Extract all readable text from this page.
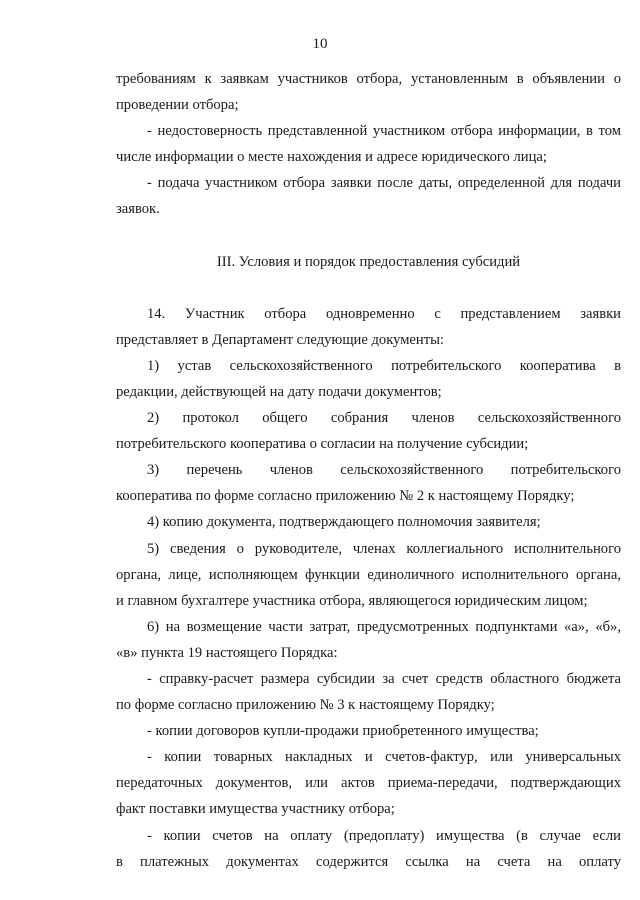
10
требованиям к заявкам участников отбора, установленным в объявлении о
проведении отбора;
- недостоверность представленной участником отбора информации, в том
числе информации о месте нахождения и адресе юридического лица;
- подача участником отбора заявки после даты, определенной для подачи
заявок.
III. Условия и порядок предоставления субсидий
14. Участник отбора одновременно с представлением заявки
представляет в Департамент следующие документы:
1) устав сельскохозяйственного потребительского кооператива в
редакции, действующей на дату подачи документов;
2) протокол общего собрания членов сельскохозяйственного
потребительского кооператива о согласии на получение субсидии;
3) перечень членов сельскохозяйственного потребительского
кооператива по форме согласно приложению № 2 к настоящему Порядку;
4) копию документа, подтверждающего полномочия заявителя;
5) сведения о руководителе, членах коллегиального исполнительного
органа, лице, исполняющем функции единоличного исполнительного органа,
и главном бухгалтере участника отбора, являющегося юридическим лицом;
6) на возмещение части затрат, предусмотренных подпунктами «а», «б»,
«в» пункта 19 настоящего Порядка:
- справку-расчет размера субсидии за счет средств областного бюджета
по форме согласно приложению № 3 к настоящему Порядку;
- копии договоров купли-продажи приобретенного имущества;
- копии товарных накладных и счетов-фактур, или универсальных
передаточных документов, или актов приема-передачи, подтверждающих
факт поставки имущества участнику отбора;
- копии счетов на оплату (предоплату) имущества (в случае если
в платежных документах содержится ссылка на счета на оплату
